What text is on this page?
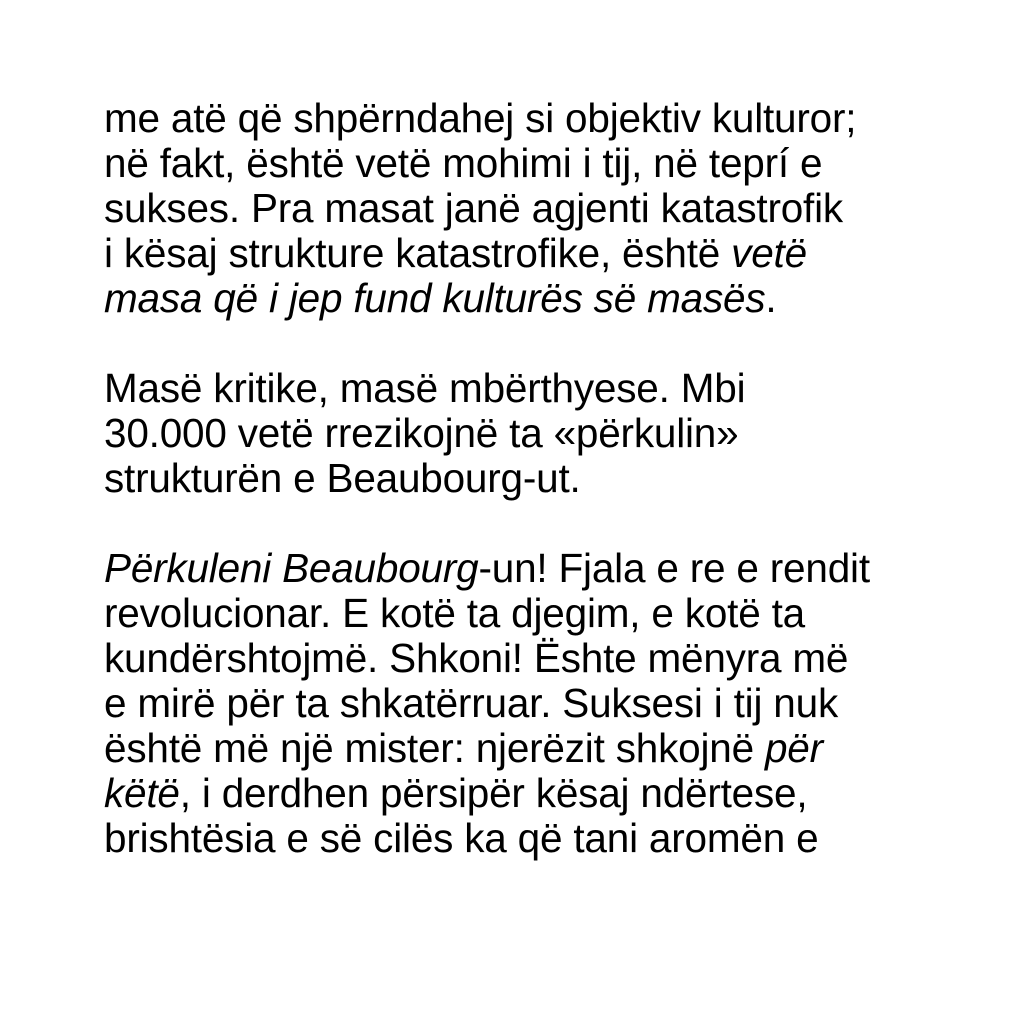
me atë që shpërndahej si objektiv kulturor;
në fakt, është vetë mohimi i tij, në teprí e
sukses. Pra masat janë agjenti katastrofik
i kësaj strukture katastrofike, është vetë
masa që i jep fund kulturës së masës.

Masë kritike, masë mbërthyese. Mbi
30.000 vetë rrezikojnë ta «përkulin»
strukturën e Beaubourg-ut.

Përkuleni Beaubourg-un! Fjala e re e rendit
revolucionar. E kotë ta djegim, e kotë ta
kundërshtojmë. Shkoni! Ështe mënyra më
e mirë për ta shkatërruar. Suksesi i tij nuk
është më një mister: njerëzit shkojnë për
këtë, i derdhen përsipër kësaj ndërtese,
brishtësia e së cilës ka që tani aromën e
